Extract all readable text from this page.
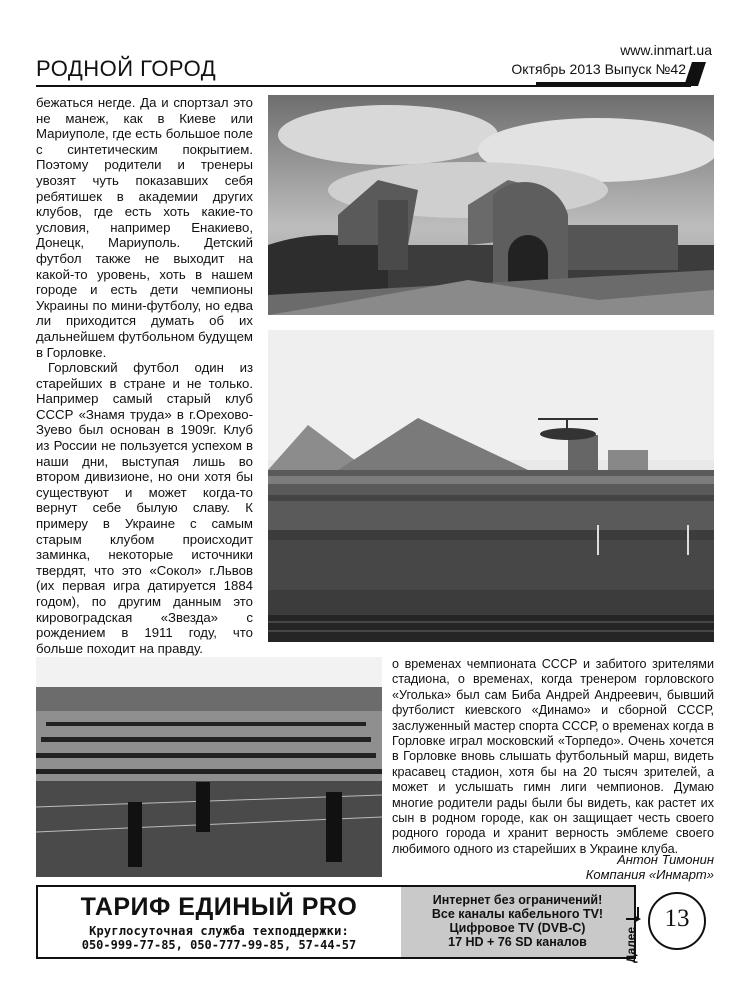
www.inmart.ua
Октябрь 2013 Выпуск №42
РОДНОЙ ГОРОД

бежаться негде. Да и спортзал это не манеж, как в Киеве или Мариуполе, где есть большое поле с синтетическим покрытием. Поэтому родители и тренеры увозят чуть показавших себя ребятишек в академии других клубов, где есть хоть какие-то условия, например Енакиево, Донецк, Мариуполь. Детский футбол также не выходит на какой-то уровень, хоть в нашем городе и есть дети чемпионы Украины по мини-футболу, но едва ли приходится думать об их дальнейшем футбольном будущем в Горловке.

Горловский футбол один из старейших в стране и не только. Например самый старый клуб СССР «Знамя труда» в г.Орехово-Зуево был основан в 1909г. Клуб из России не пользуется успехом в наши дни, выступая лишь во втором дивизионе, но они хотя бы существуют и может когда-то вернут себе былую славу. К примеру в Украине с самым старым клубом происходит заминка, некоторые источники твердят, что это «Сокол» г.Львов (их первая игра датируется 1884 годом), по другим данным это кировоградская «Звезда» с рождением в 1911 году, что больше походит на правду.

о временах чемпионата СССР и забитого зрителями стадиона, о временах, когда тренером горловского «Уголька» был сам Биба Андрей Андреевич, бывший футболист киевского «Динамо» и сборной СССР, заслуженный мастер спорта СССР, о временах когда в Горловке играл московский «Торпедо». Очень хочется в Горловке вновь слышать футбольный марш, видеть красавец стадион, хотя бы на 20 тысяч зрителей, а может и услышать гимн лиги чемпионов. Думаю многие родители рады были бы видеть, как растет их сын в родном городе, как он защищает честь своего родного города и хранит верность эмблеме своего любимого одного из старейших в Украине клуба.

Антон Тимонин
Компания «Инмарт»
ТАРИФ ЕДИНЫЙ PRO
Круглосуточная служба техподдержки:
050-999-77-85, 050-777-99-85, 57-44-57
Интернет без ограничений!
Все каналы кабельного TV!
Цифровое TV (DVB-C)
17 HD + 76 SD каналов	Далее
13
